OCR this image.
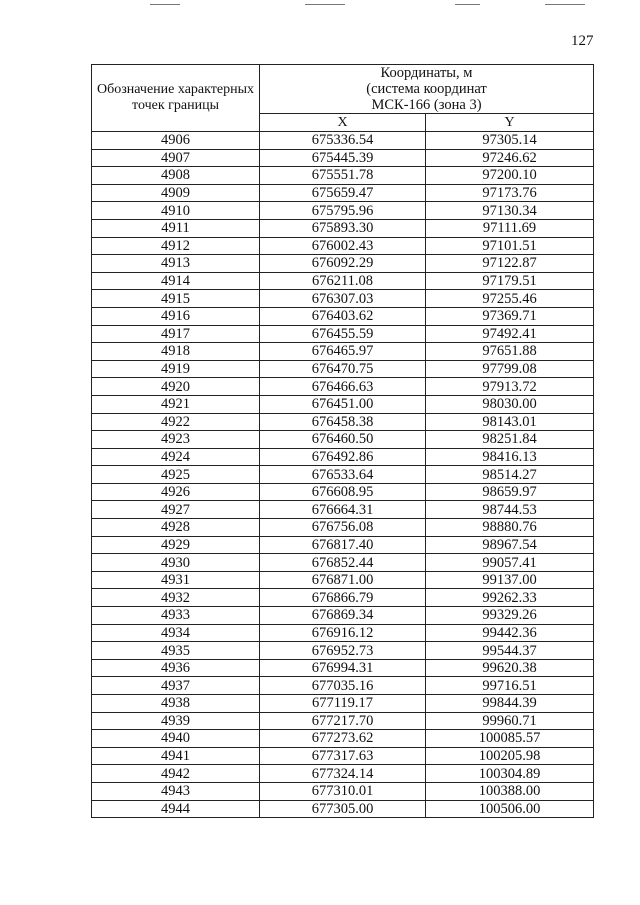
127
Обозначение характерных точек границы	Координаты, м
(система координат
МСК-166 (зона 3)	

	X	Y
4906	675336.54	97305.14
4907	675445.39	97246.62
4908	675551.78	97200.10
4909	675659.47	97173.76
4910	675795.96	97130.34
4911	675893.30	97111.69
4912	676002.43	97101.51
4913	676092.29	97122.87
4914	676211.08	97179.51
4915	676307.03	97255.46
4916	676403.62	97369.71
4917	676455.59	97492.41
4918	676465.97	97651.88
4919	676470.75	97799.08
4920	676466.63	97913.72
4921	676451.00	98030.00
4922	676458.38	98143.01
4923	676460.50	98251.84
4924	676492.86	98416.13
4925	676533.64	98514.27
4926	676608.95	98659.97
4927	676664.31	98744.53
4928	676756.08	98880.76
4929	676817.40	98967.54
4930	676852.44	99057.41
4931	676871.00	99137.00
4932	676866.79	99262.33
4933	676869.34	99329.26
4934	676916.12	99442.36
4935	676952.73	99544.37
4936	676994.31	99620.38
4937	677035.16	99716.51
4938	677119.17	99844.39
4939	677217.70	99960.71
4940	677273.62	100085.57
4941	677317.63	100205.98
4942	677324.14	100304.89
4943	677310.01	100388.00
4944	677305.00	100506.00
